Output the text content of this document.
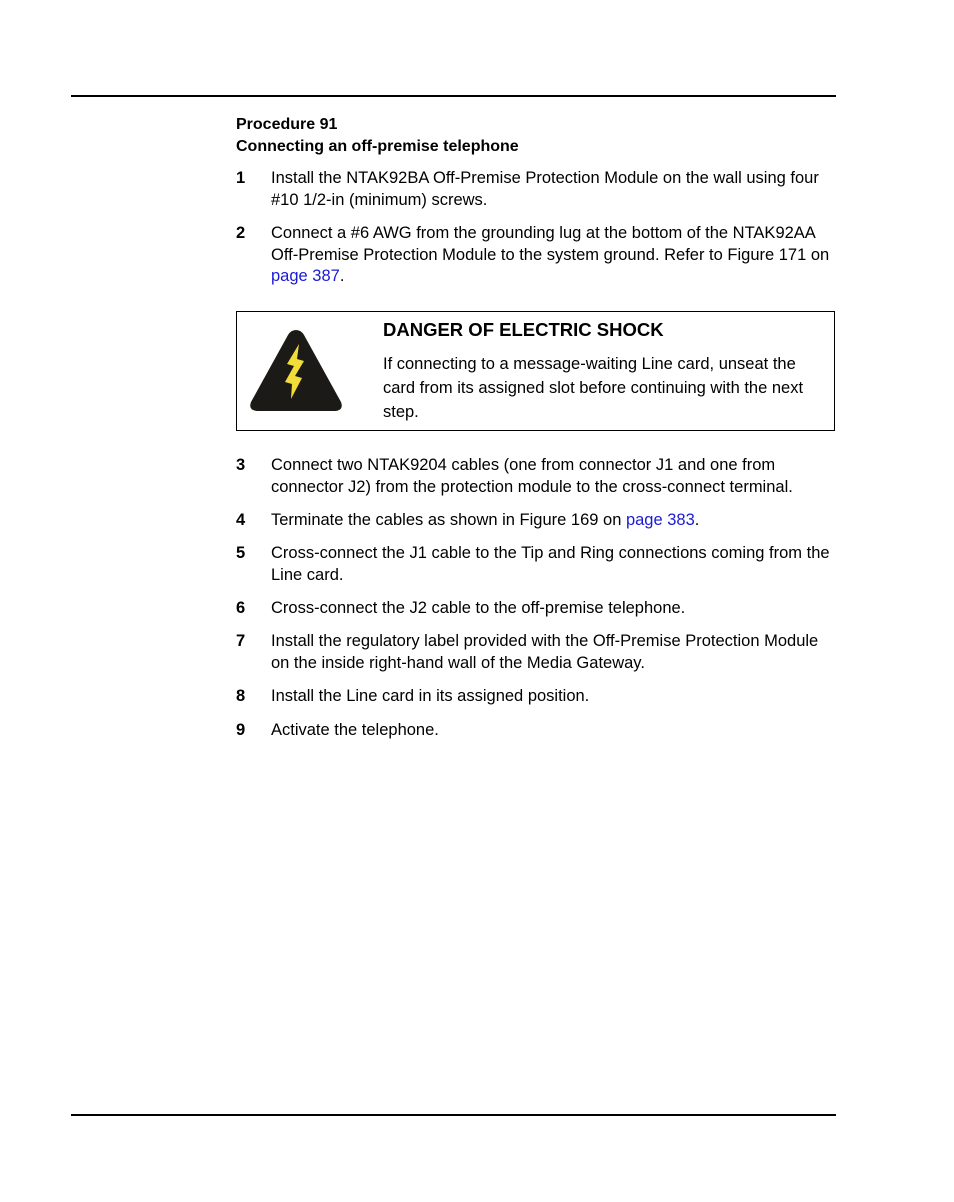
Procedure 91
Connecting an off-premise telephone
1 Install the NTAK92BA Off-Premise Protection Module on the wall using four #10 1/2-in (minimum) screws.
2 Connect a #6 AWG from the grounding lug at the bottom of the NTAK92AA Off-Premise Protection Module to the system ground. Refer to Figure 171 on page 387.
DANGER OF ELECTRIC SHOCK
If connecting to a message-waiting Line card, unseat the card from its assigned slot before continuing with the next step.
3 Connect two NTAK9204 cables (one from connector J1 and one from connector J2) from the protection module to the cross-connect terminal.
4 Terminate the cables as shown in Figure 169 on page 383.
5 Cross-connect the J1 cable to the Tip and Ring connections coming from the Line card.
6 Cross-connect the J2 cable to the off-premise telephone.
7 Install the regulatory label provided with the Off-Premise Protection Module on the inside right-hand wall of the Media Gateway.
8 Install the Line card in its assigned position.
9 Activate the telephone.
